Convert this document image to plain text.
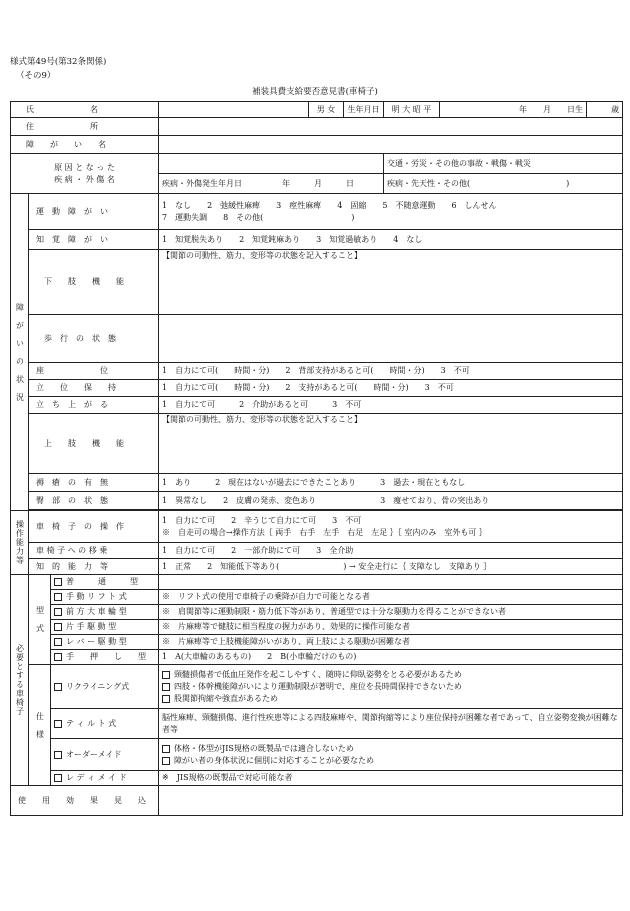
様式第49号(第32条関係)
（その9）
補装具費支給要否意見書(車椅子)
氏　　　　　　　名				男 女	生年月日	明 大 昭 平	年　　月　　日生	歳

住　　　　　　　所								

障　　が　　い　　名								

原 因 と な っ た
疾 病 ・ 外 傷 名						交通・労災・その他の事故・戦傷・戦災		
			疾病・外傷発生年月日　　　　　年　　　月　　　日			疾病・先天性・その他(　　　　　　　　　　　　)		
障　が　い　の　状　況	運　動　障　が　い		1　なし　　2　弛緩性麻痺　　3　痙性麻痺　　4　固縮　　5　不随意運動　　6　しんせん
7　運動失調　　8　その他(　　　　　　　　　　　)					

知　覚　障　が　い		1　知覚脱失あり　　2　知覚鈍麻あり　　3　知覚過敏あり　　4　なし					

下　　肢　　機　　能		【関節の可動性、筋力、変形等の状態を記入すること】					

歩　行　の　状　態							

座　　　　　　　位		1　自力にて可(　　時間・分)　　2　背部支持があると可(　　時間・分)　　3　不可					

立　　位　　保　　持		1　自力にて可(　　時間・分)　　2　支持があると可(　　時間・分)　　3　不可					

立　ち　上　が　る		1　自力にて可　　　2　介助があると可　　　3　不可					

上　　肢　　機　　能		【関節の可動性、筋力、変形等の状態を記入すること】					

褥　瘡　の　有　無		1　あり　　　2　現在はないが過去にできたことあり　　　3　過去・現在ともなし					

臀　部　の　状　態		1　異常なし　　2　皮膚の発赤、変色あり　　　　　　　　3　痩せており、骨の突出あり					

操作能力等	車　椅　子　の　操　作		1　自力にて可　　2　辛うじて自力にて可　　3　不可
※　自走可の場合→操作方法｛ 両手　右手　左手　右足　左足 ｝｛ 室内のみ　室外も可 ｝					

車 椅 子 へ の 移 乗		1　自力にて可　　2　一部介助にて可　　3　全介助					

知　的　能　力　等		1　正常　　2　知能低下等あり(　　　　　　　　) → 安全走行に｛ 支障なし　支障あり ｝					
必要とする車椅子	型　式	普　　　通　　　型						
		手 動 リ フ ト 式	※　リフト式の使用で車椅子の乗降が自力で可能となる者					
		前 方 大 車 輪 型	※　肩関節等に運動制限・筋力低下等があり、普通型では十分な駆動力を得ることができない者					
		片 手 駆 動 型	※　片麻痺等で健肢に相当程度の握力があり、効果的に操作可能な者					
		レ バ ー 駆 動 型	※　片麻痺等で上肢機能障がいがあり、両上肢による駆動が困難な者					
		手　　押　　し　　型	1　A(大車輪のあるもの)　　2　B(小車輪だけのもの)					
	仕　様	リクライニング式	頸髄損傷者で低血圧発作を起こしやすく、随時に仰臥姿勢をとる必要があるため
四肢・体幹機能障がいにより運動制限が著明で、座位を長時間保持できないため
股関節拘縮や強直があるため					

		テ ィ ル ト 式	脳性麻痺、頸髄損傷、進行性疾患等による四肢麻痺や、関節拘縮等により座位保持が困難な者であって、自立姿勢変換が困難な者等					
		オーダーメイド	体格・体型がJIS規格の既製品では適合しないため
障がい者の身体状況に個別に対応することが必要なため					

		レ デ ィ メ イ ド	※　JIS規格の既製品で対応可能な者					

使　　用　　効　　果　　見　　込								
